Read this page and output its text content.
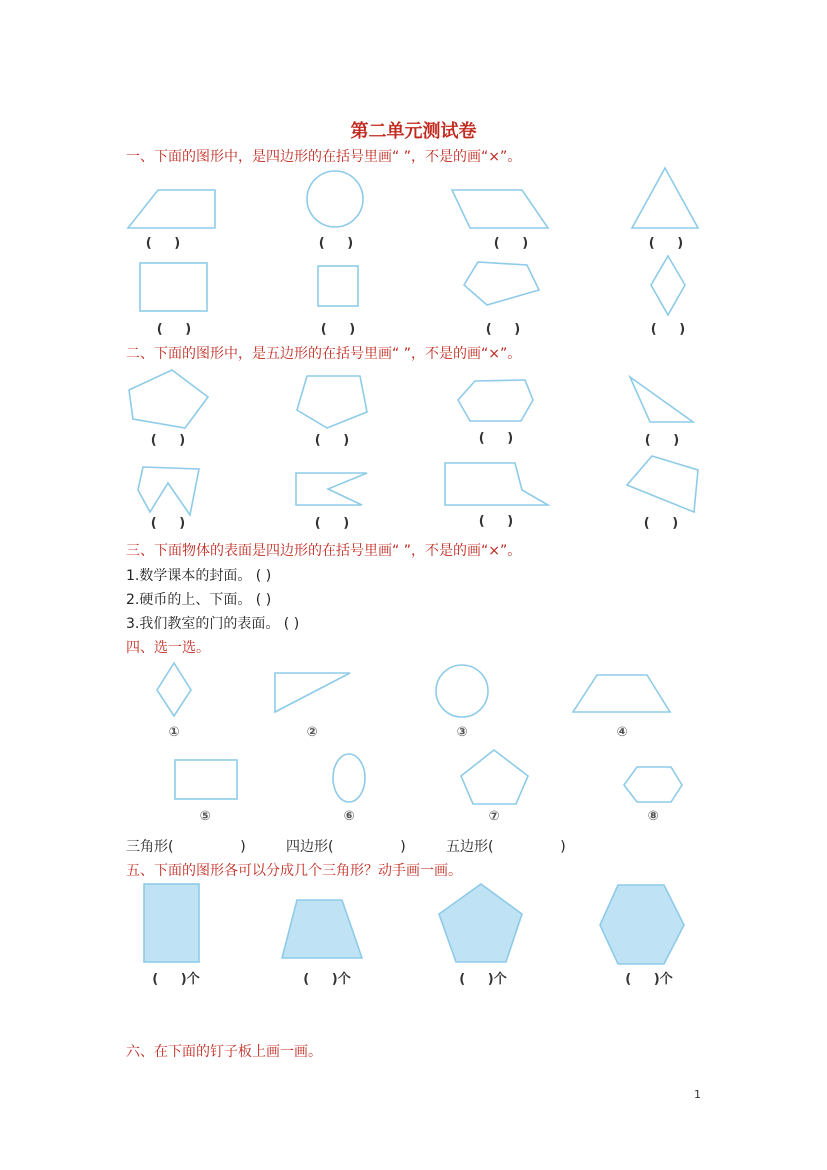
第二单元测试卷
一、下面的图形中，是四边形的在括号里画“ ”，不是的画“×”。
二、下面的图形中，是五边形的在括号里画“ ”，不是的画“×”。
三、下面物体的表面是四边形的在括号里画“ ”，不是的画“×”。
四、选一选。
五、下面的图形各可以分成几个三角形？动手画一画。
六、在下面的钉子板上画一画。
1.数学课本的封面。 ( )
2.硬币的上、下面。 ( )
3.我们教室的门的表面。 ( )
(     )	(     )	(     )	(     )
(     )	(     )	(     )	(     )
(     )	(     )	(     )	(     )
(     )	(     )	(     )	(     )
①	②	③	④
⑤	⑥	⑦	⑧
三角形(               )	四边形(               )	五边形(               )
(     )个	(     )个	(     )个	(     )个
1
